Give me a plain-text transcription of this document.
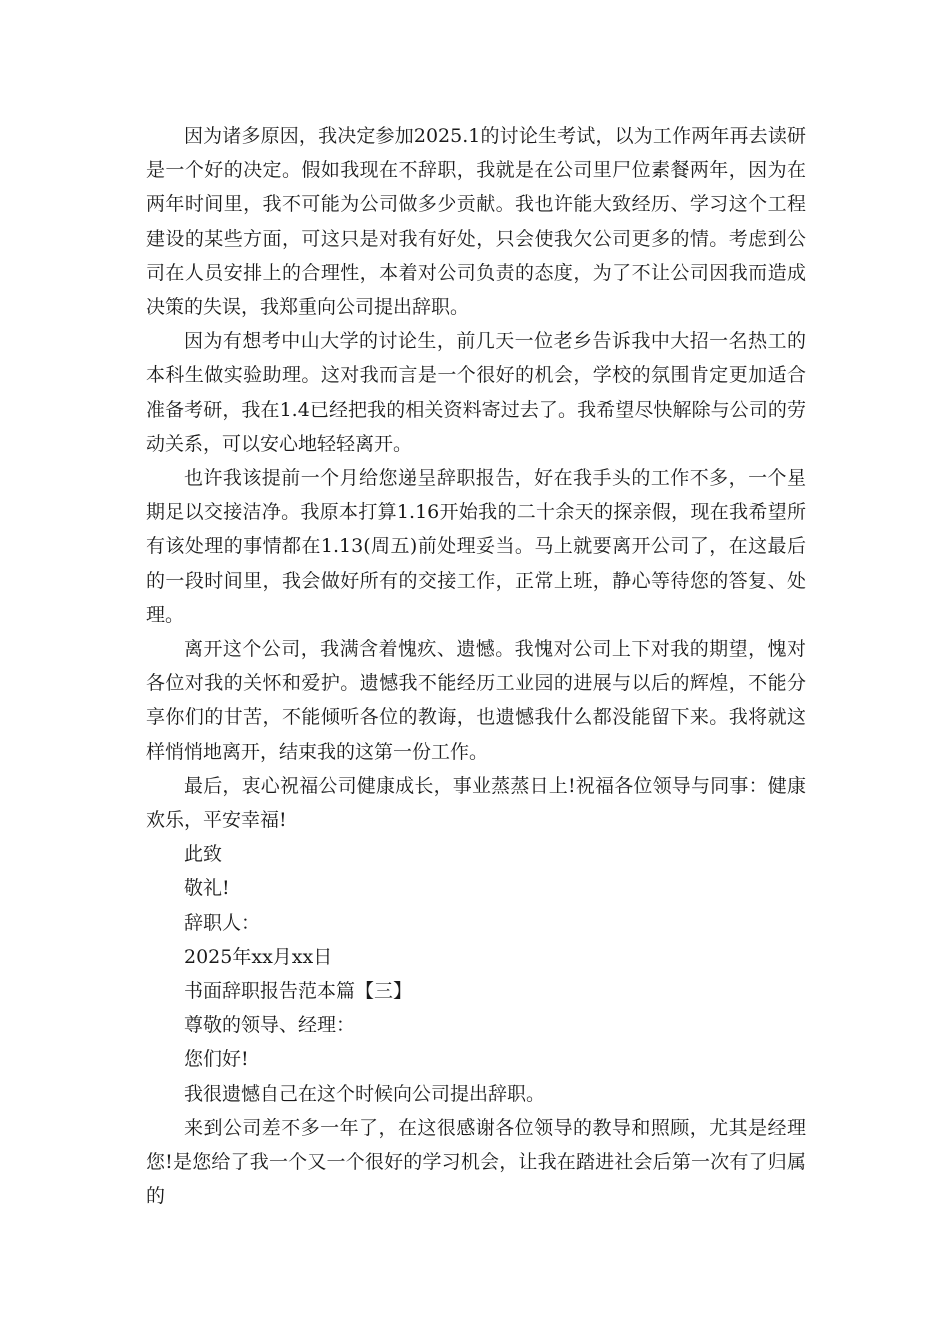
因为诸多原因，我决定参加2025.1的讨论生考试，以为工作两年再去读研是一个好的决定。假如我现在不辞职，我就是在公司里尸位素餐两年，因为在两年时间里，我不可能为公司做多少贡献。我也许能大致经历、学习这个工程建设的某些方面，可这只是对我有好处，只会使我欠公司更多的情。考虑到公司在人员安排上的合理性，本着对公司负责的态度，为了不让公司因我而造成决策的失误，我郑重向公司提出辞职。

因为有想考中山大学的讨论生，前几天一位老乡告诉我中大招一名热工的本科生做实验助理。这对我而言是一个很好的机会，学校的氛围肯定更加适合准备考研，我在1.4已经把我的相关资料寄过去了。我希望尽快解除与公司的劳动关系，可以安心地轻轻离开。

也许我该提前一个月给您递呈辞职报告，好在我手头的工作不多，一个星期足以交接洁净。我原本打算1.16开始我的二十余天的探亲假，现在我希望所有该处理的事情都在1.13(周五)前处理妥当。马上就要离开公司了，在这最后的一段时间里，我会做好所有的交接工作，正常上班，静心等待您的答复、处理。

离开这个公司，我满含着愧疚、遗憾。我愧对公司上下对我的期望，愧对各位对我的关怀和爱护。遗憾我不能经历工业园的进展与以后的辉煌，不能分享你们的甘苦，不能倾听各位的教诲，也遗憾我什么都没能留下来。我将就这样悄悄地离开，结束我的这第一份工作。

最后，衷心祝福公司健康成长，事业蒸蒸日上!祝福各位领导与同事：健康欢乐，平安幸福!

此致

敬礼!

辞职人：

2025年xx月xx日

书面辞职报告范本篇【三】

尊敬的领导、经理：

您们好!

我很遗憾自己在这个时候向公司提出辞职。

来到公司差不多一年了，在这很感谢各位领导的教导和照顾，尤其是经理您!是您给了我一个又一个很好的学习机会，让我在踏进社会后第一次有了归属的
